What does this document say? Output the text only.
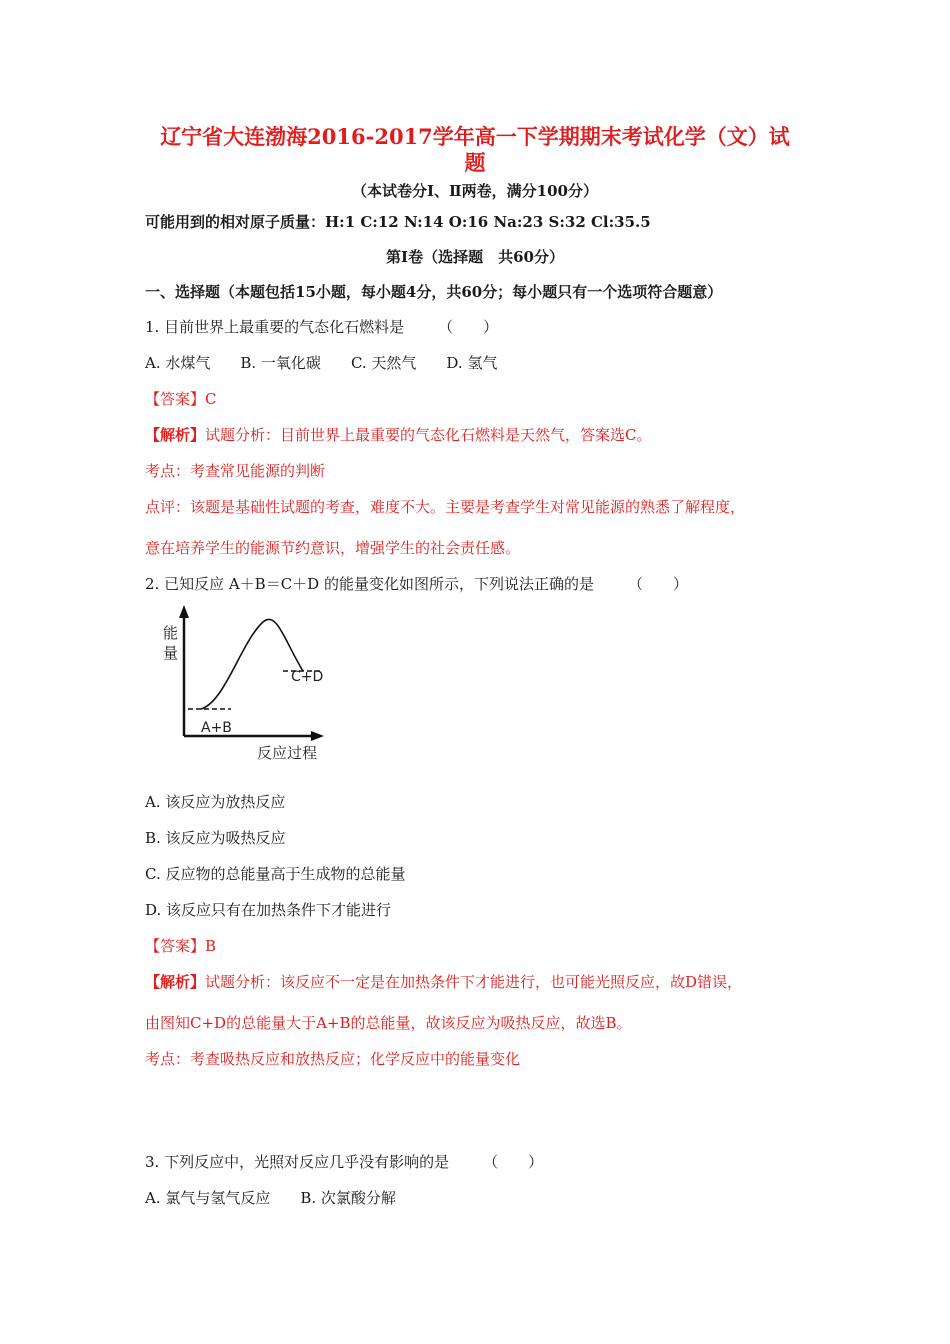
辽宁省大连渤海2016-2017学年高一下学期期末考试化学（文）试
题
（本试卷分Ⅰ、Ⅱ两卷，满分100分）
可能用到的相对原子质量：H:1 C:12 N:14 O:16 Na:23 S:32 Cl:35.5
第Ⅰ卷（选择题　共60分）
一、选择题（本题包括15小题，每小题4分，共60分；每小题只有一个选项符合题意）
1. 目前世界上最重要的气态化石燃料是 （　　）
A. 水煤气 B. 一氧化碳 C. 天然气 D. 氢气
【答案】C
【解析】试题分析：目前世界上最重要的气态化石燃料是天然气，答案选C。
考点：考查常见能源的判断
点评：该题是基础性试题的考查，难度不大。主要是考查学生对常见能源的熟悉了解程度，
意在培养学生的能源节约意识，增强学生的社会责任感。
2. 已知反应 A＋B＝C＋D 的能量变化如图所示，下列说法正确的是 （　　）
能
量
A+B
C+D
反应过程
A. 该反应为放热反应
B. 该反应为吸热反应
C. 反应物的总能量高于生成物的总能量
D. 该反应只有在加热条件下才能进行
【答案】B
【解析】试题分析：该反应不一定是在加热条件下才能进行，也可能光照反应，故D错误，
由图知C+D的总能量大于A+B的总能量，故该反应为吸热反应，故选B。
考点：考查吸热反应和放热反应；化学反应中的能量变化
3. 下列反应中，光照对反应几乎没有影响的是 （　　）
A. 氯气与氢气反应 B. 次氯酸分解
